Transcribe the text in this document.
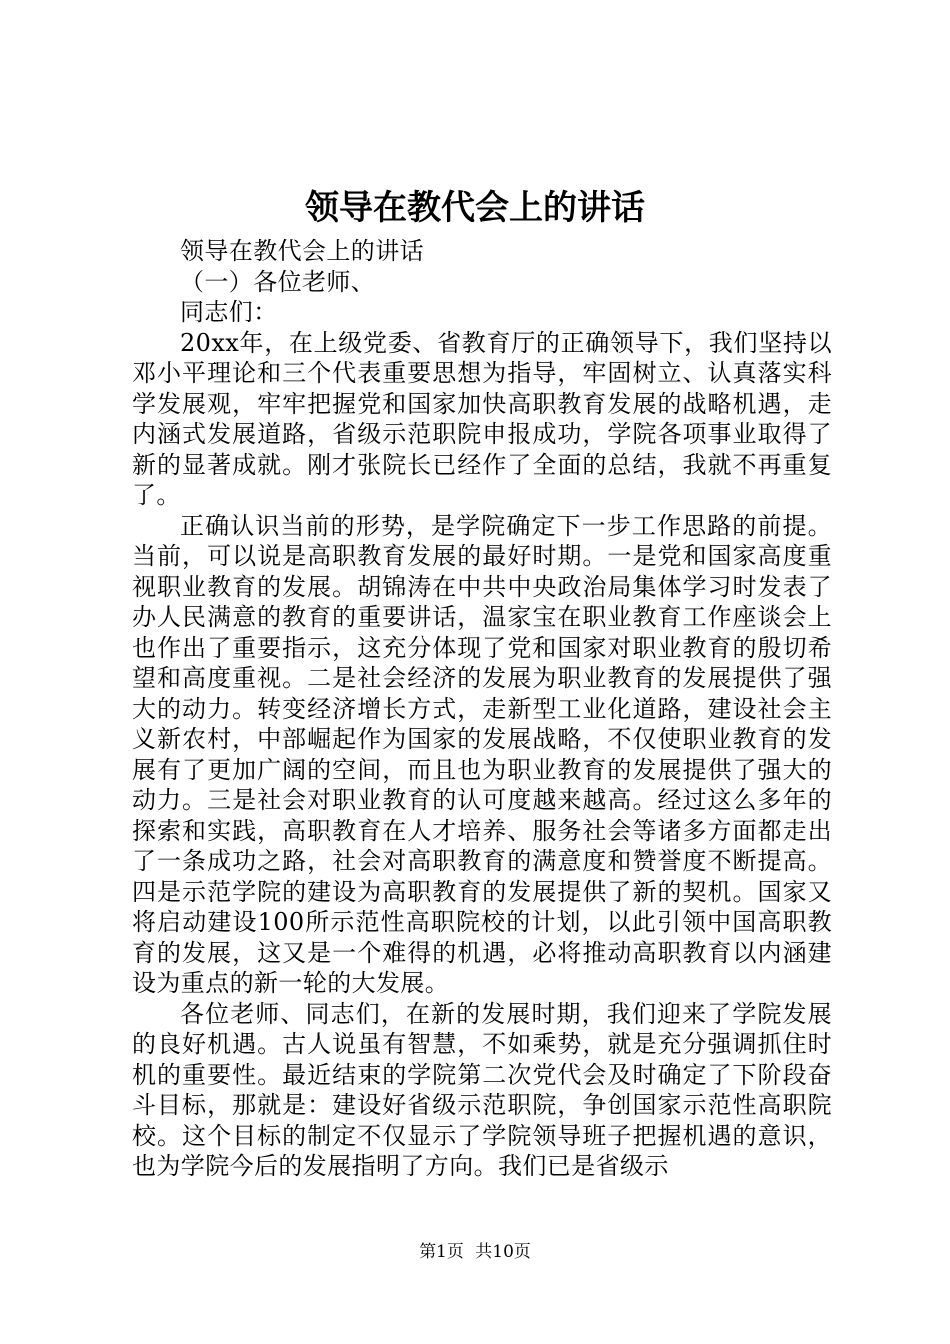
领导在教代会上的讲话

领导在教代会上的讲话

（一）各位老师、

同志们：

20xx年，在上级党委、省教育厅的正确领导下，我们坚持以邓小平理论和三个代表重要思想为指导，牢固树立、认真落实科学发展观，牢牢把握党和国家加快高职教育发展的战略机遇，走内涵式发展道路，省级示范职院申报成功，学院各项事业取得了新的显著成就。刚才张院长已经作了全面的总结，我就不再重复了。

正确认识当前的形势，是学院确定下一步工作思路的前提。当前，可以说是高职教育发展的最好时期。一是党和国家高度重视职业教育的发展。胡锦涛在中共中央政治局集体学习时发表了办人民满意的教育的重要讲话，温家宝在职业教育工作座谈会上也作出了重要指示，这充分体现了党和国家对职业教育的殷切希望和高度重视。二是社会经济的发展为职业教育的发展提供了强大的动力。转变经济增长方式，走新型工业化道路，建设社会主义新农村，中部崛起作为国家的发展战略，不仅使职业教育的发展有了更加广阔的空间，而且也为职业教育的发展提供了强大的动力。三是社会对职业教育的认可度越来越高。经过这么多年的探索和实践，高职教育在人才培养、服务社会等诸多方面都走出了一条成功之路，社会对高职教育的满意度和赞誉度不断提高。四是示范学院的建设为高职教育的发展提供了新的契机。国家又将启动建设100所示范性高职院校的计划，以此引领中国高职教育的发展，这又是一个难得的机遇，必将推动高职教育以内涵建设为重点的新一轮的大发展。

各位老师、同志们，在新的发展时期，我们迎来了学院发展的良好机遇。古人说虽有智慧，不如乘势，就是充分强调抓住时机的重要性。最近结束的学院第二次党代会及时确定了下阶段奋斗目标，那就是：建设好省级示范职院，争创国家示范性高职院校。这个目标的制定不仅显示了学院领导班子把握机遇的意识，也为学院今后的发展指明了方向。我们已是省级示

第1页 共10页
